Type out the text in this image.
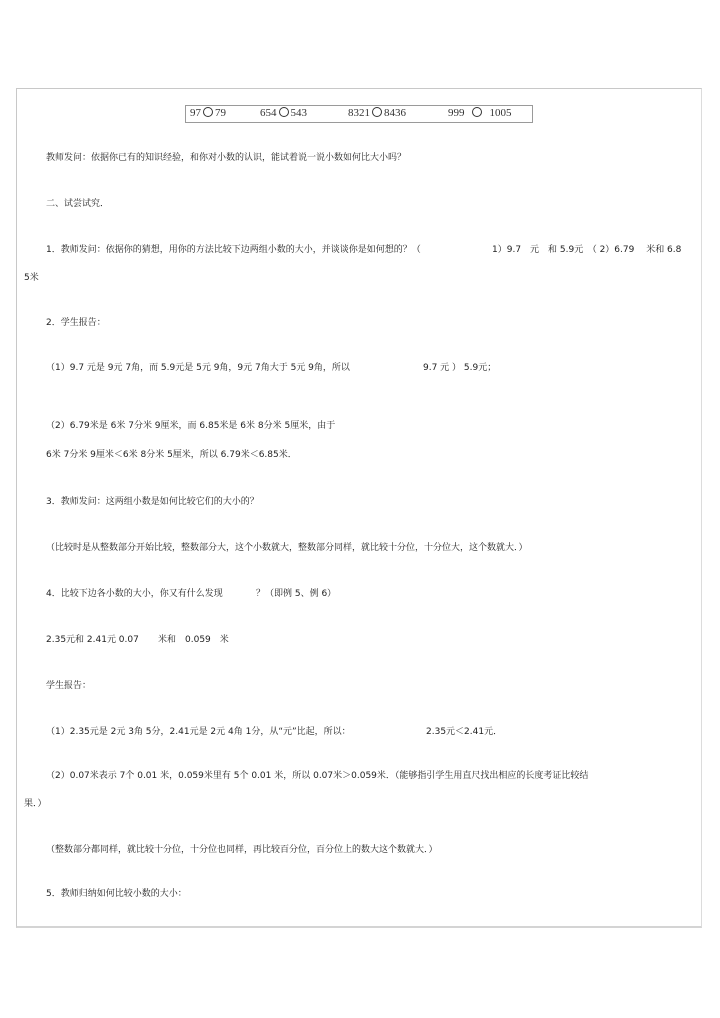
97 79	654 543	8321 8436	999 1005
教师发问：依据你已有的知识经验，和你对小数的认识，能试着说一说小数如何比大小吗？
二、试尝试究．
1．教师发问：依据你的猜想，用你的方法比较下边两组小数的大小，并谈谈你是如何想的？（	1）9.7　元　和 5.9元　（ 2）6.79　 米和 6.8
5米
2．学生报告：
（1）9.7 元是 9元 7角，而 5.9元是 5元 9角，9元 7角大于 5元 9角，所以	9.7 元 ） 5.9元；
（2）6.79米是 6米 7分米 9厘米，而 6.85米是 6米 8分米 5厘米，由于
6米 7分米 9厘米＜6米 8分米 5厘米，所以 6.79米＜6.85米．
3．教师发问：这两组小数是如何比较它们的大小的？
（比较时是从整数部分开始比较，整数部分大，这个小数就大，整数部分同样，就比较十分位，十分位大，这个数就大．）
4．比较下边各小数的大小，你又有什么发现	？（即例 5、例 6）
2.35元和 2.41元 0.07 米和　0.059　米
学生报告：
（1）2.35元是 2元 3角 5分，2.41元是 2元 4角 1分，从“元”比起，所以：	2.35元＜2.41元．
（2）0.07米表示 7个 0.01 米，0.059米里有 5个 0.01 米，所以 0.07米＞0.059米．（能够指引学生用直尺找出相应的长度考证比较结
果．）
（整数部分都同样，就比较十分位，十分位也同样，再比较百分位，百分位上的数大这个数就大．）
5．教师归纳如何比较小数的大小：
